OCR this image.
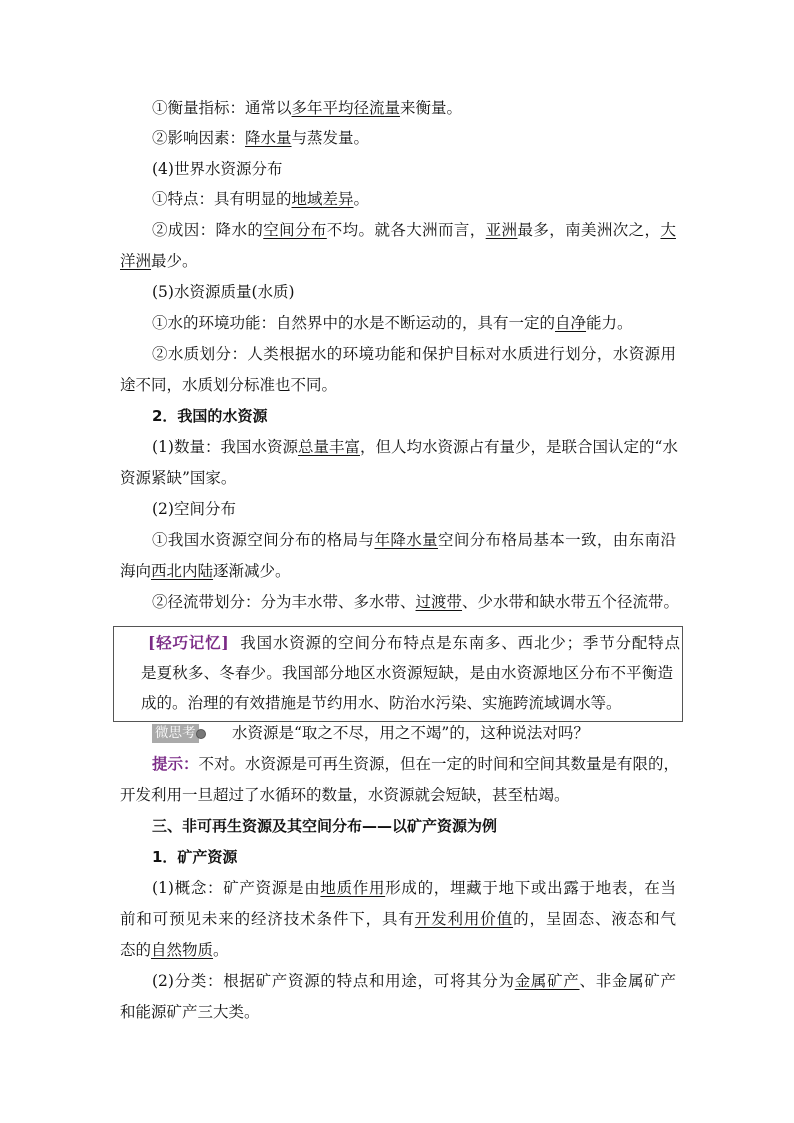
①衡量指标：通常以多年平均径流量来衡量。
②影响因素：降水量与蒸发量。
(4)世界水资源分布
①特点：具有明显的地域差异。
②成因：降水的空间分布不均。就各大洲而言，亚洲最多，南美洲次之，大
洋洲最少。
(5)水资源质量(水质)
①水的环境功能：自然界中的水是不断运动的，具有一定的自净能力。
②水质划分：人类根据水的环境功能和保护目标对水质进行划分，水资源用
途不同，水质划分标准也不同。
2．我国的水资源
(1)数量：我国水资源总量丰富，但人均水资源占有量少，是联合国认定的“水
资源紧缺”国家。
(2)空间分布
①我国水资源空间分布的格局与年降水量空间分布格局基本一致，由东南沿
海向西北内陆逐渐减少。
②径流带划分：分为丰水带、多水带、过渡带、少水带和缺水带五个径流带。
[轻巧记忆] 我国水资源的空间分布特点是东南多、西北少；季节分配特点
是夏秋多、冬春少。我国部分地区水资源短缺，是由水资源地区分布不平衡造
成的。治理的有效措施是节约用水、防治水污染、实施跨流域调水等。
微思考 水资源是“取之不尽，用之不竭”的，这种说法对吗？
提示：不对。水资源是可再生资源，但在一定的时间和空间其数量是有限的，
开发利用一旦超过了水循环的数量，水资源就会短缺，甚至枯竭。
三、非可再生资源及其空间分布——以矿产资源为例
1．矿产资源
(1)概念：矿产资源是由地质作用形成的，埋藏于地下或出露于地表，在当
前和可预见未来的经济技术条件下，具有开发利用价值的，呈固态、液态和气
态的自然物质。
(2)分类：根据矿产资源的特点和用途，可将其分为金属矿产、非金属矿产
和能源矿产三大类。
